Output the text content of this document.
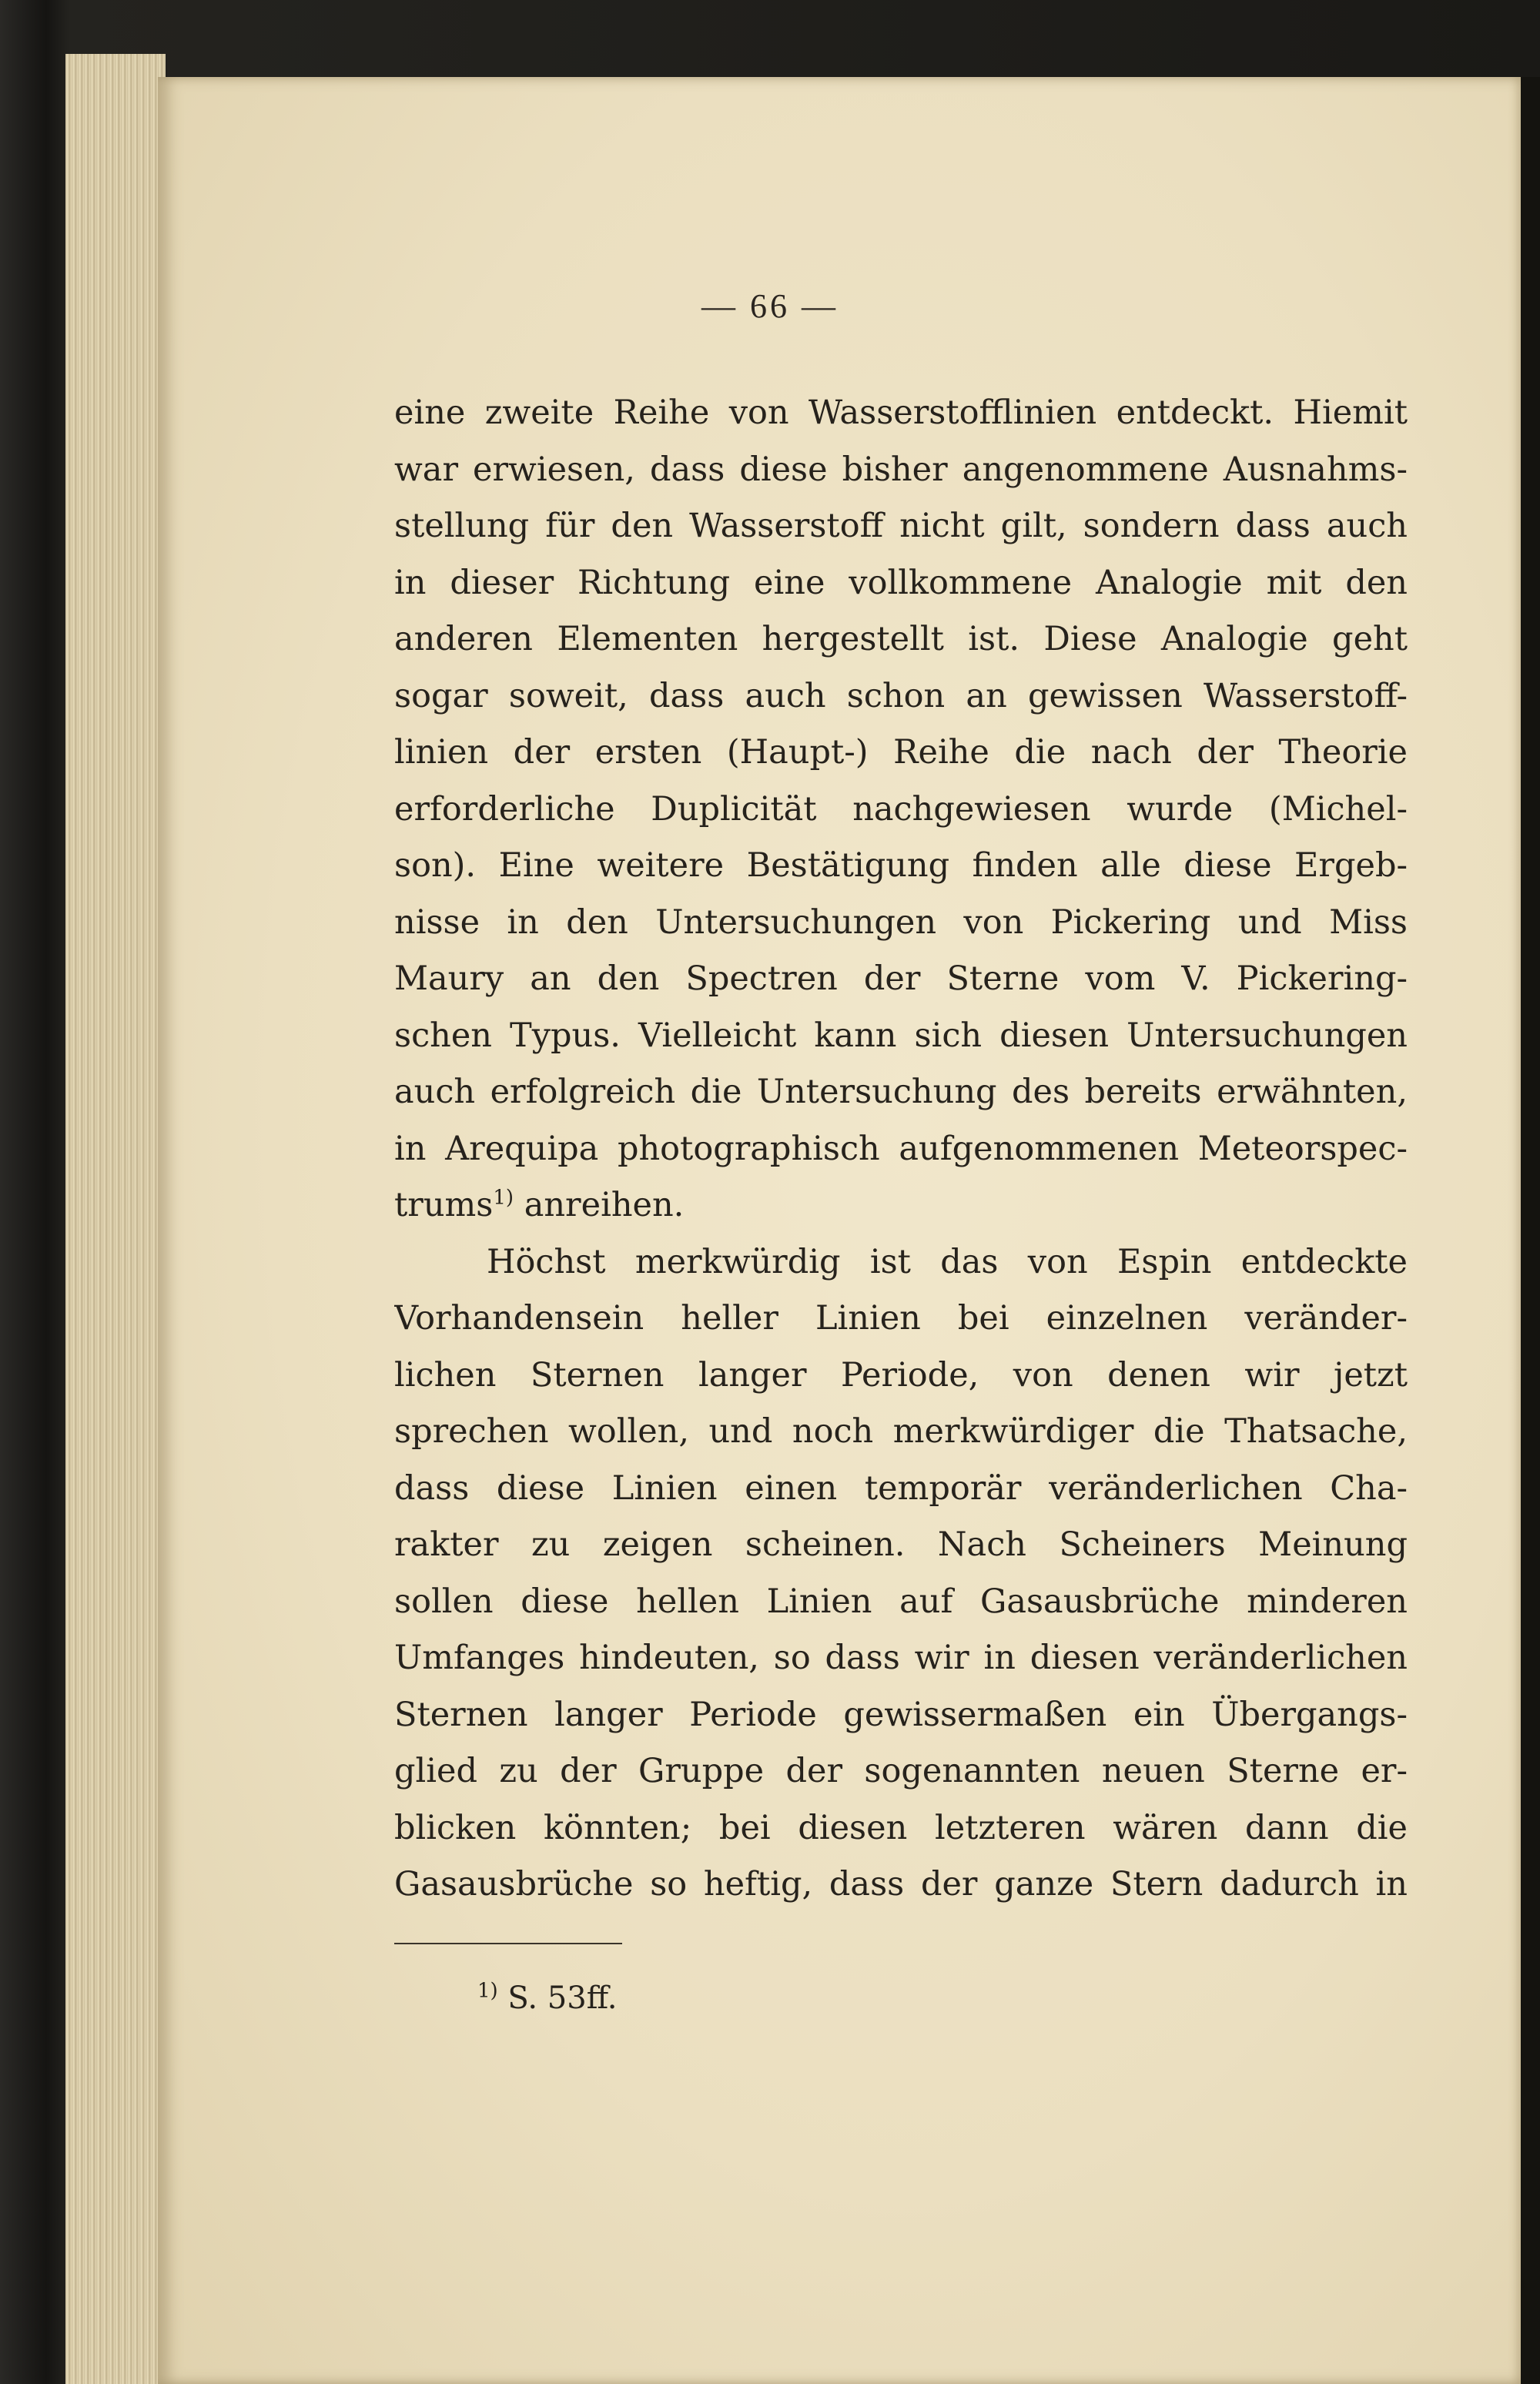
— 66 —
eine zweite Reihe von Wasserstofflinien entdeckt. Hiemit
war erwiesen, dass diese bisher angenommene Ausnahms-
stellung für den Wasserstoff nicht gilt, sondern dass auch
in dieser Richtung eine vollkommene Analogie mit den
anderen Elementen hergestellt ist. Diese Analogie geht
sogar soweit, dass auch schon an gewissen Wasserstoff-
linien der ersten (Haupt-) Reihe die nach der Theorie
erforderliche Duplicität nachgewiesen wurde (Michel-
son). Eine weitere Bestätigung finden alle diese Ergeb-
nisse in den Untersuchungen von Pickering und Miss
Maury an den Spectren der Sterne vom V. Pickering-
schen Typus. Vielleicht kann sich diesen Untersuchungen
auch erfolgreich die Untersuchung des bereits erwähnten,
in Arequipa photographisch aufgenommenen Meteorspec-
trums$^{1)}$ anreihen.
Höchst merkwürdig ist das von Espin entdeckte
Vorhandensein heller Linien bei einzelnen veränder-
lichen Sternen langer Periode, von denen wir jetzt
sprechen wollen, und noch merkwürdiger die Thatsache,
dass diese Linien einen temporär veränderlichen Cha-
rakter zu zeigen scheinen. Nach Scheiners Meinung
sollen diese hellen Linien auf Gasausbrüche minderen
Umfanges hindeuten, so dass wir in diesen veränderlichen
Sternen langer Periode gewissermaßen ein Übergangs-
glied zu der Gruppe der sogenannten neuen Sterne er-
blicken könnten; bei diesen letzteren wären dann die
Gasausbrüche so heftig, dass der ganze Stern dadurch in
$^{1)}$ S. 53ff.
